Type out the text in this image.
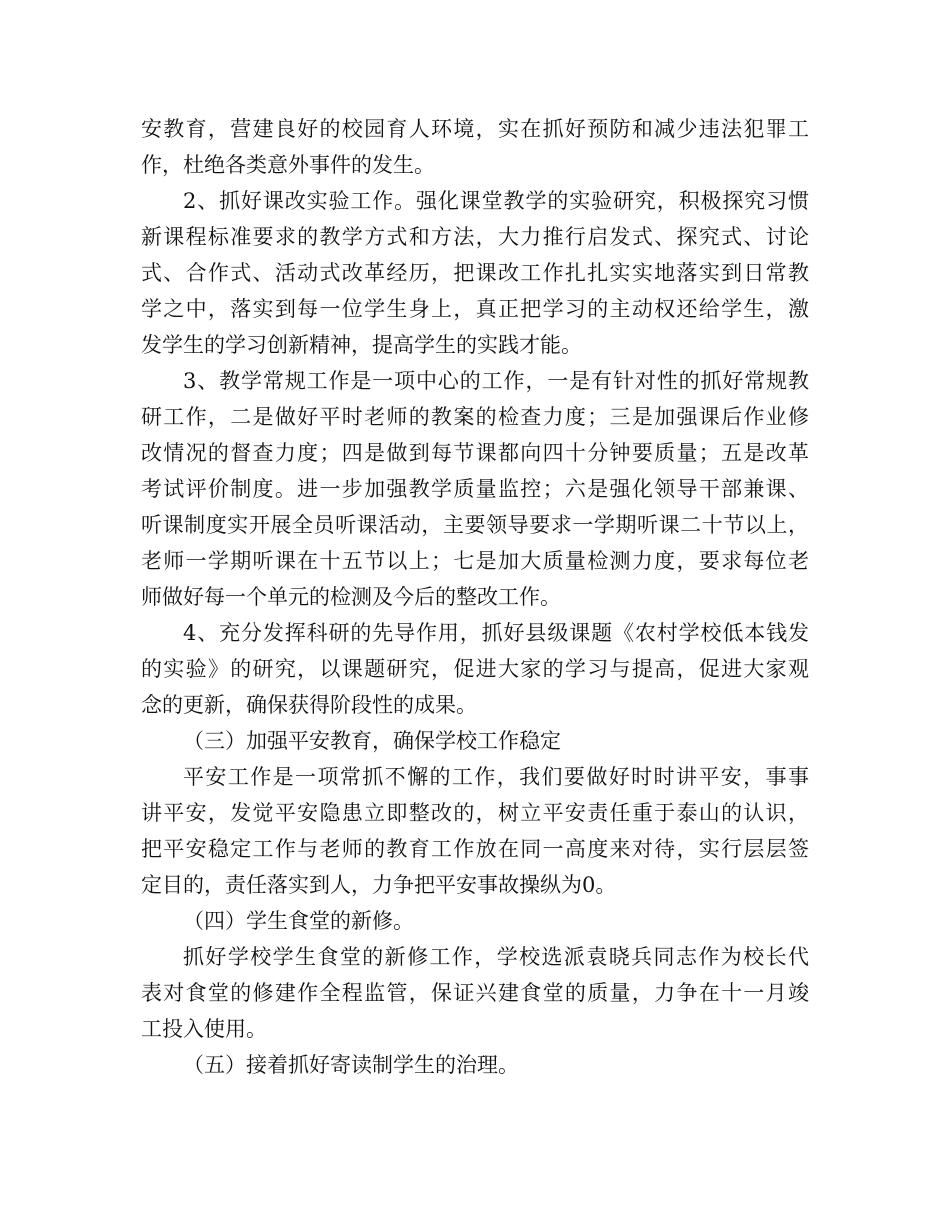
安教育，营建良好的校园育人环境，实在抓好预防和减少违法犯罪工
作，杜绝各类意外事件的发生。
2、抓好课改实验工作。强化课堂教学的实验研究，积极探究习惯
新课程标准要求的教学方式和方法，大力推行启发式、探究式、讨论
式、合作式、活动式改革经历，把课改工作扎扎实实地落实到日常教
学之中，落实到每一位学生身上，真正把学习的主动权还给学生，激
发学生的学习创新精神，提高学生的实践才能。
3、教学常规工作是一项中心的工作，一是有针对性的抓好常规教
研工作，二是做好平时老师的教案的检查力度；三是加强课后作业修
改情况的督查力度；四是做到每节课都向四十分钟要质量；五是改革
考试评价制度。进一步加强教学质量监控；六是强化领导干部兼课、
听课制度实开展全员听课活动，主要领导要求一学期听课二十节以上，
老师一学期听课在十五节以上；七是加大质量检测力度，要求每位老
师做好每一个单元的检测及今后的整改工作。
4、充分发挥科研的先导作用，抓好县级课题《农村学校低本钱发
的实验》的研究，以课题研究，促进大家的学习与提高，促进大家观
念的更新，确保获得阶段性的成果。
（三）加强平安教育，确保学校工作稳定
平安工作是一项常抓不懈的工作，我们要做好时时讲平安，事事
讲平安，发觉平安隐患立即整改的，树立平安责任重于泰山的认识，
把平安稳定工作与老师的教育工作放在同一高度来对待，实行层层签
定目的，责任落实到人，力争把平安事故操纵为0。
（四）学生食堂的新修。
抓好学校学生食堂的新修工作，学校选派袁晓兵同志作为校长代
表对食堂的修建作全程监管，保证兴建食堂的质量，力争在十一月竣
工投入使用。
（五）接着抓好寄读制学生的治理。
